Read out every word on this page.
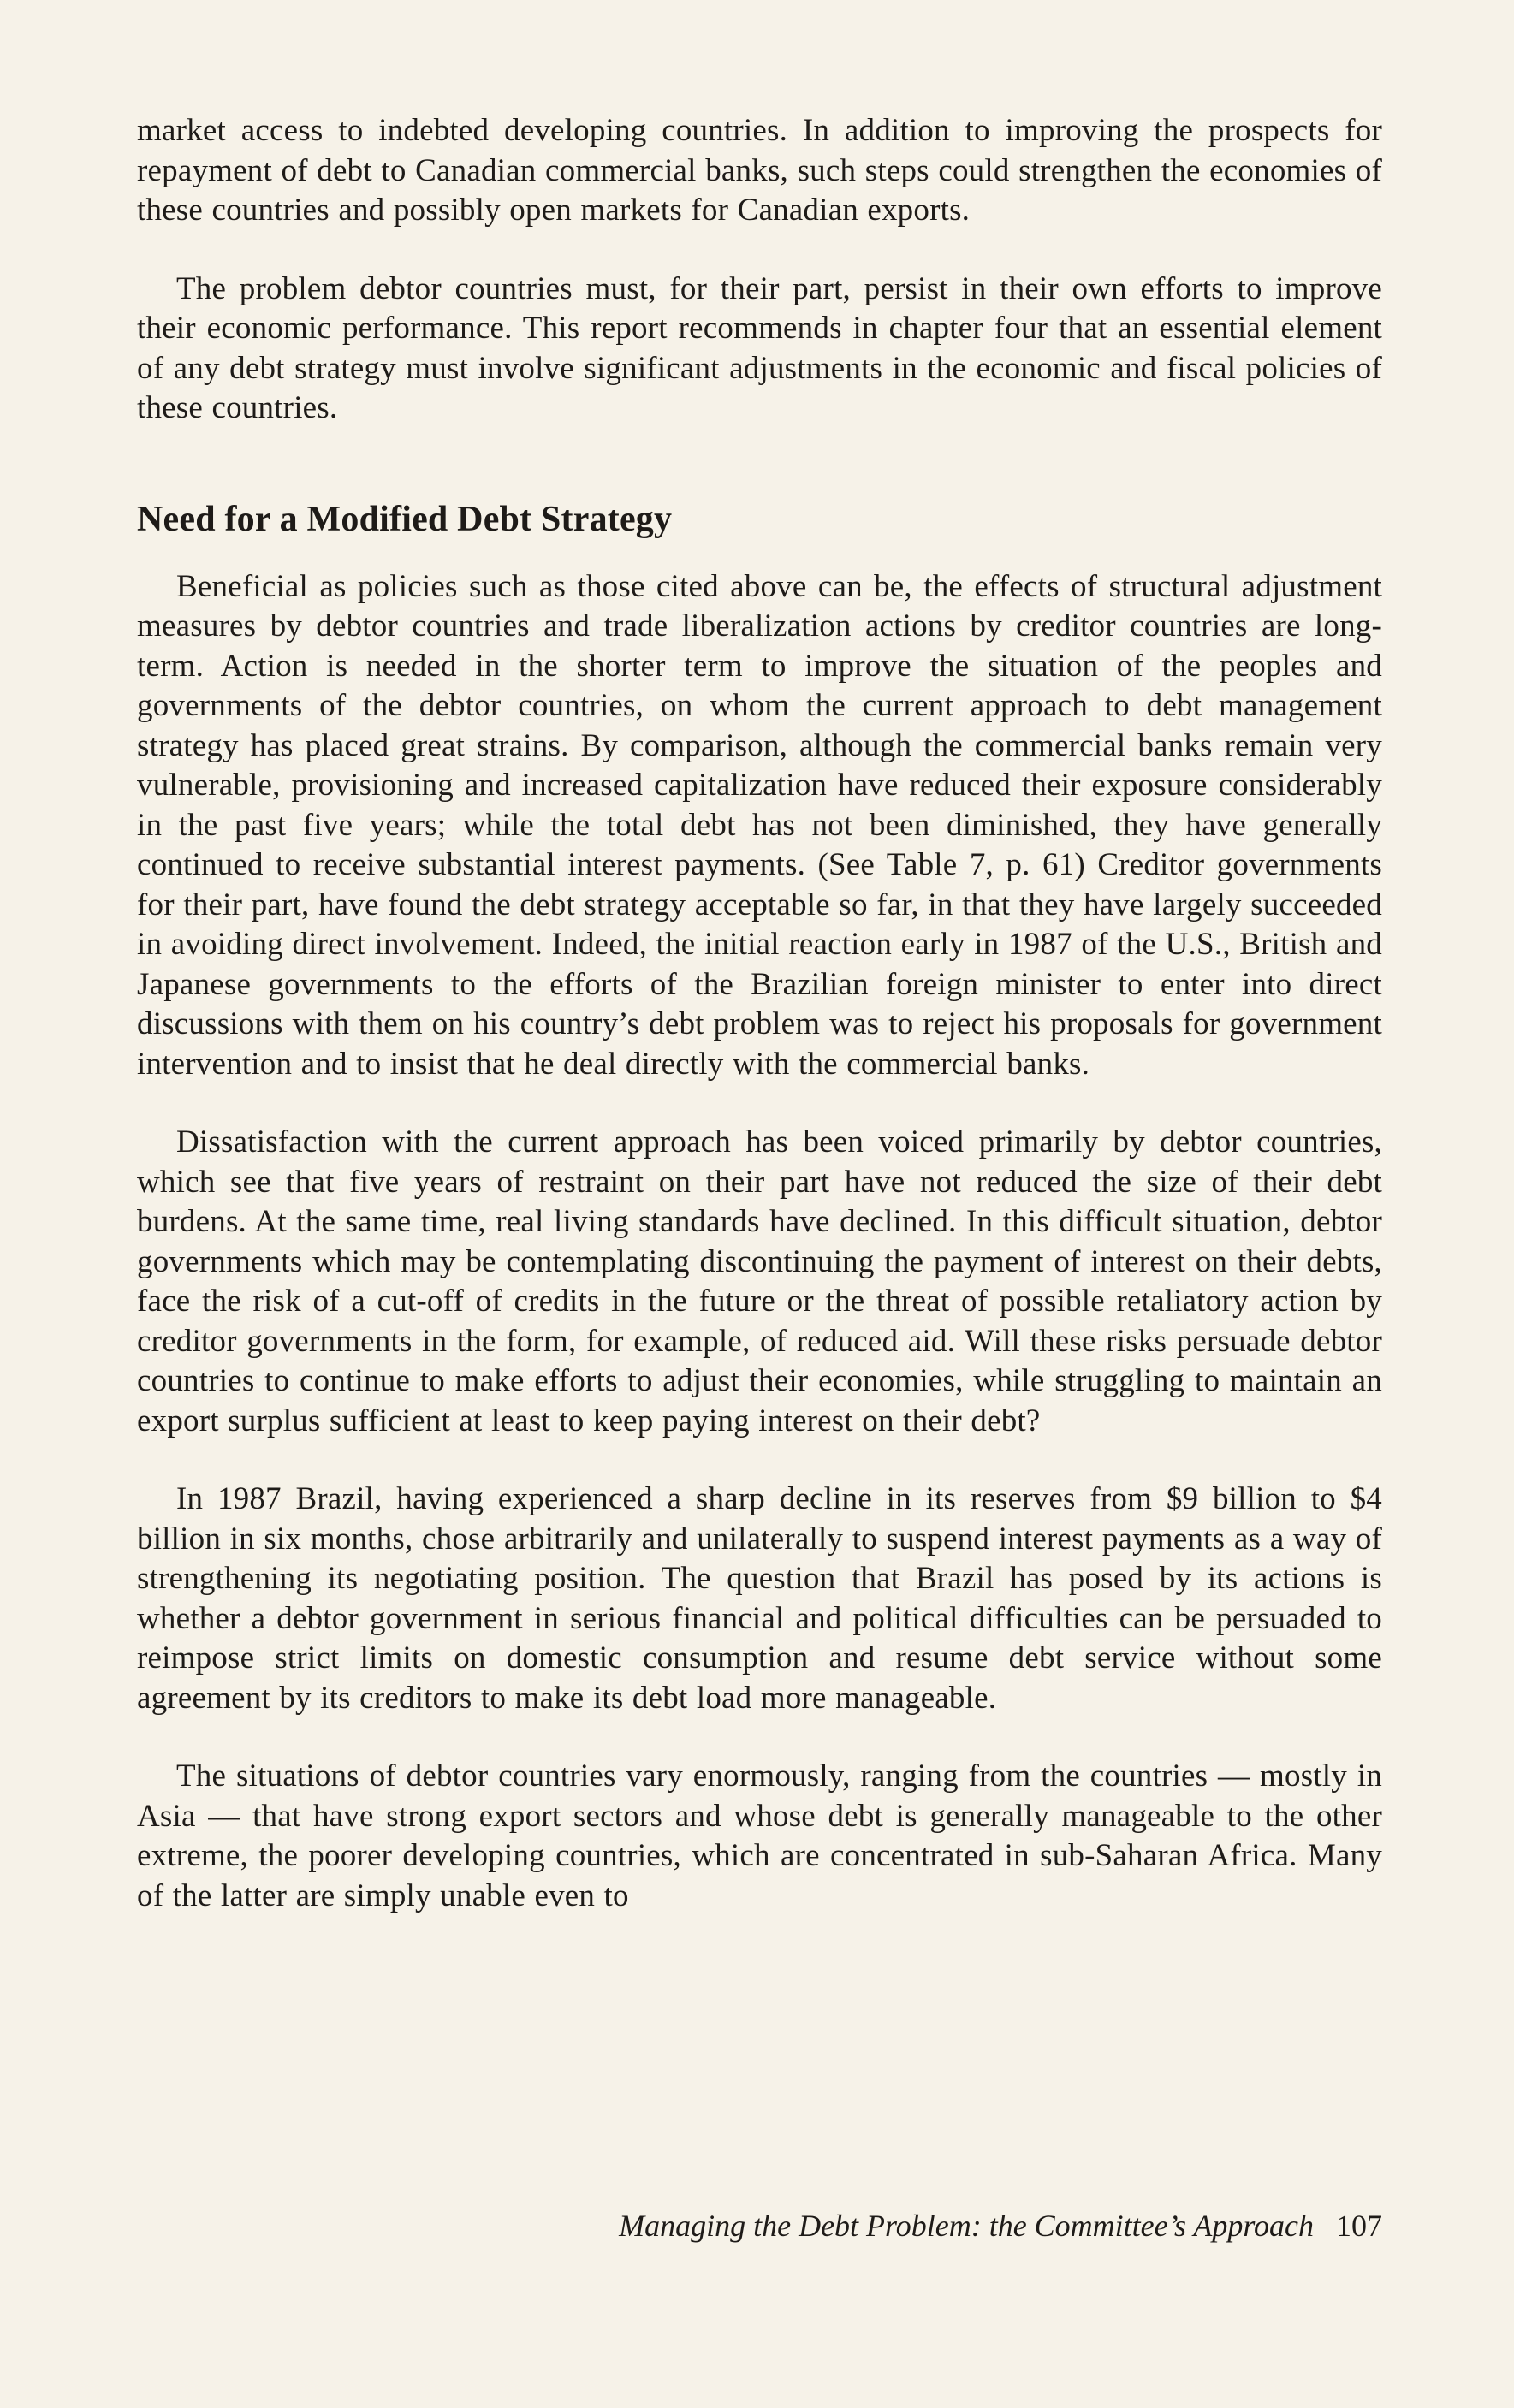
market access to indebted developing countries. In addition to improving the prospects for repayment of debt to Canadian commercial banks, such steps could strengthen the economies of these countries and possibly open markets for Canadian exports.

The problem debtor countries must, for their part, persist in their own efforts to improve their economic performance. This report recommends in chapter four that an essential element of any debt strategy must involve significant adjustments in the economic and fiscal policies of these countries.

Need for a Modified Debt Strategy

Beneficial as policies such as those cited above can be, the effects of structural adjustment measures by debtor countries and trade liberalization actions by creditor countries are long-term. Action is needed in the shorter term to improve the situation of the peoples and governments of the debtor countries, on whom the current approach to debt management strategy has placed great strains. By comparison, although the commercial banks remain very vulnerable, provisioning and increased capitalization have reduced their exposure considerably in the past five years; while the total debt has not been diminished, they have generally continued to receive substantial interest payments. (See Table 7, p. 61) Creditor governments for their part, have found the debt strategy acceptable so far, in that they have largely succeeded in avoiding direct involvement. Indeed, the initial reaction early in 1987 of the U.S., British and Japanese governments to the efforts of the Brazilian foreign minister to enter into direct discussions with them on his country’s debt problem was to reject his proposals for government intervention and to insist that he deal directly with the commercial banks.

Dissatisfaction with the current approach has been voiced primarily by debtor countries, which see that five years of restraint on their part have not reduced the size of their debt burdens. At the same time, real living standards have declined. In this difficult situation, debtor governments which may be contemplating discontinuing the payment of interest on their debts, face the risk of a cut-off of credits in the future or the threat of possible retaliatory action by creditor governments in the form, for example, of reduced aid. Will these risks persuade debtor countries to continue to make efforts to adjust their economies, while struggling to maintain an export surplus sufficient at least to keep paying interest on their debt?

In 1987 Brazil, having experienced a sharp decline in its reserves from $9 billion to $4 billion in six months, chose arbitrarily and unilaterally to suspend interest payments as a way of strengthening its negotiating position. The question that Brazil has posed by its actions is whether a debtor government in serious financial and political difficulties can be persuaded to reimpose strict limits on domestic consumption and resume debt service without some agreement by its creditors to make its debt load more manageable.

The situations of debtor countries vary enormously, ranging from the countries — mostly in Asia — that have strong export sectors and whose debt is generally manageable to the other extreme, the poorer developing countries, which are concentrated in sub-Saharan Africa. Many of the latter are simply unable even to

Managing the Debt Problem: the Committee’s Approach 107
